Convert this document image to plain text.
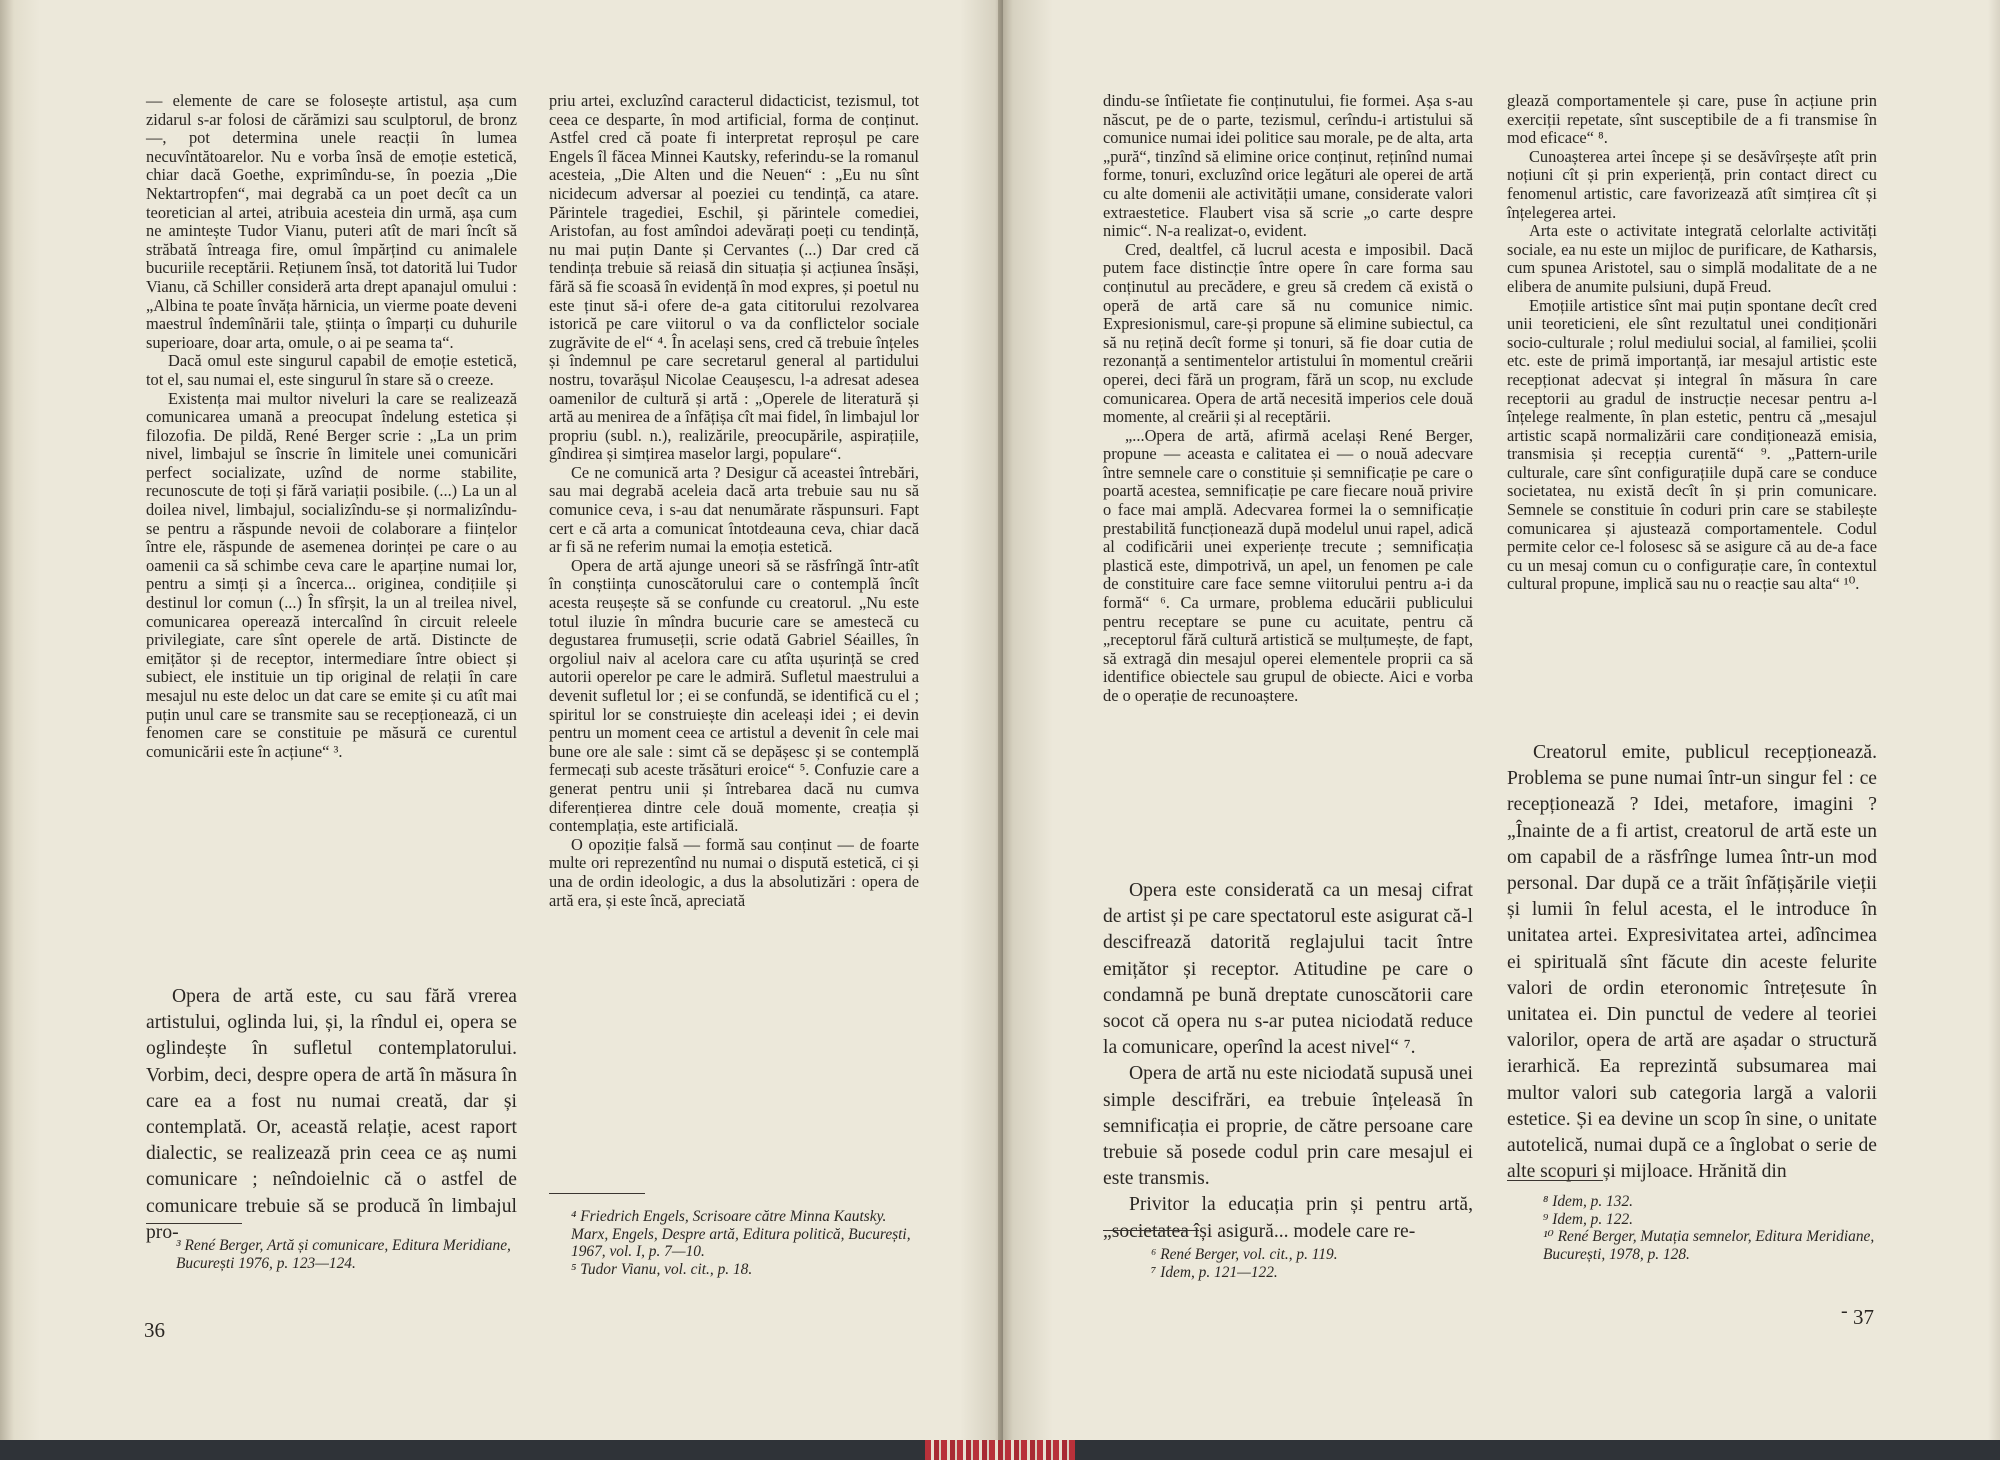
— elemente de care se folosește artistul, așa cum zidarul s-ar folosi de cărămizi sau sculptorul, de bronz —, pot determina unele reacții în lumea necuvîntătoarelor. Nu e vorba însă de emoție estetică, chiar dacă Goethe, exprimîndu-se, în poezia „Die Nektartropfen“, mai degrabă ca un poet decît ca un teoretician al artei, atribuia acesteia din urmă, așa cum ne amintește Tudor Vianu, puteri atît de mari încît să străbată întreaga fire, omul împărțind cu animalele bucuriile receptării. Rețiunem însă, tot datorită lui Tudor Vianu, că Schiller consideră arta drept apanajul omului : „Albina te poate învăța hărnicia, un vierme poate deveni maestrul îndemînării tale, știința o împarți cu duhurile superioare, doar arta, omule, o ai pe seama ta“.

Dacă omul este singurul capabil de emoție estetică, tot el, sau numai el, este singurul în stare să o creeze.

Existența mai multor niveluri la care se realizează comunicarea umană a preocupat îndelung estetica și filozofia. De pildă, René Berger scrie : „La un prim nivel, limbajul se înscrie în limitele unei comunicări perfect socializate, uzînd de norme stabilite, recunoscute de toți și fără variații posibile. (...) La un al doilea nivel, limbajul, socializîndu-se și normalizîndu-se pentru a răspunde nevoii de colaborare a ființelor între ele, răspunde de asemenea dorinței pe care o au oamenii ca să schimbe ceva care le aparține numai lor, pentru a simți și a încerca... originea, condițiile și destinul lor comun (...) În sfîrșit, la un al treilea nivel, comunicarea operează intercalînd în circuit releele privilegiate, care sînt operele de artă. Distincte de emițător și de receptor, intermediare între obiect și subiect, ele instituie un tip original de relații în care mesajul nu este deloc un dat care se emite și cu atît mai puțin unul care se transmite sau se recepționează, ci un fenomen care se constituie pe măsură ce curentul comunicării este în acțiune“ ³.

Opera de artă este, cu sau fără vrerea artistului, oglinda lui, și, la rîndul ei, opera se oglindește în sufletul contemplatorului. Vorbim, deci, despre opera de artă în măsura în care ea a fost nu numai creată, dar și contemplată. Or, această relație, acest raport dialectic, se realizează prin ceea ce aș numi comunicare ; neîndoielnic că o astfel de comunicare trebuie să se producă în limbajul pro-

³ René Berger, Artă și comunicare, Editura Meridiane, București 1976, p. 123—124.

priu artei, excluzînd caracterul didacticist, tezismul, tot ceea ce desparte, în mod artificial, forma de conținut. Astfel cred că poate fi interpretat reproșul pe care Engels îl făcea Minnei Kautsky, referindu-se la romanul acesteia, „Die Alten und die Neuen“ : „Eu nu sînt nicidecum adversar al poeziei cu tendință, ca atare. Părintele tragediei, Eschil, și părintele comediei, Aristofan, au fost amîndoi adevărați poeți cu tendință, nu mai puțin Dante și Cervantes (...) Dar cred că tendința trebuie să reiasă din situația și acțiunea însăși, fără să fie scoasă în evidență în mod expres, și poetul nu este ținut să-i ofere de-a gata cititorului rezolvarea istorică pe care viitorul o va da conflictelor sociale zugrăvite de el“ ⁴. În același sens, cred că trebuie înțeles și îndemnul pe care secretarul general al partidului nostru, tovarășul Nicolae Ceaușescu, l-a adresat adesea oamenilor de cultură și artă : „Operele de literatură și artă au menirea de a înfățișa cît mai fidel, în limbajul lor propriu (subl. n.), realizările, preocupările, aspirațiile, gîndirea și simțirea maselor largi, populare“.

Ce ne comunică arta ? Desigur că aceastei întrebări, sau mai degrabă aceleia dacă arta trebuie sau nu să comunice ceva, i s-au dat nenumărate răspunsuri. Fapt cert e că arta a comunicat întotdeauna ceva, chiar dacă ar fi să ne referim numai la emoția estetică.

Opera de artă ajunge uneori să se răsfrîngă într-atît în conștiința cunoscătorului care o contemplă încît acesta reușește să se confunde cu creatorul. „Nu este totul iluzie în mîndra bucurie care se amestecă cu degustarea frumuseții, scrie odată Gabriel Séailles, în orgoliul naiv al acelora care cu atîta ușurință se cred autorii operelor pe care le admiră. Sufletul maestrului a devenit sufletul lor ; ei se confundă, se identifică cu el ; spiritul lor se construiește din aceleași idei ; ei devin pentru un moment ceea ce artistul a devenit în cele mai bune ore ale sale : simt că se depășesc și se contemplă fermecați sub aceste trăsături eroice“ ⁵. Confuzie care a generat pentru unii și întrebarea dacă nu cumva diferențierea dintre cele două momente, creația și contemplația, este artificială.

O opoziție falsă — formă sau conținut — de foarte multe ori reprezentînd nu numai o dispută estetică, ci și una de ordin ideologic, a dus la absolutizări : opera de artă era, și este încă, apreciată

⁴ Friedrich Engels, Scrisoare către Minna Kautsky. Marx, Engels, Despre artă, Editura politică, București, 1967, vol. I, p. 7—10.

⁵ Tudor Vianu, vol. cit., p. 18.

36

dindu-se întîietate fie conținutului, fie formei. Așa s-au născut, pe de o parte, tezismul, cerîndu-i artistului să comunice numai idei politice sau morale, pe de alta, arta „pură“, tinzînd să elimine orice conținut, reținînd numai forme, tonuri, excluzînd orice legături ale operei de artă cu alte domenii ale activității umane, considerate valori extraestetice. Flaubert visa să scrie „o carte despre nimic“. N-a realizat-o, evident.

Cred, dealtfel, că lucrul acesta e imposibil. Dacă putem face distincție între opere în care forma sau conținutul au precădere, e greu să credem că există o operă de artă care să nu comunice nimic. Expresionismul, care-și propune să elimine subiectul, ca să nu rețină decît forme și tonuri, să fie doar cutia de rezonanță a sentimentelor artistului în momentul creării operei, deci fără un program, fără un scop, nu exclude comunicarea. Opera de artă necesită imperios cele două momente, al creării și al receptării.

„...Opera de artă, afirmă același René Berger, propune — aceasta e calitatea ei — o nouă adecvare între semnele care o constituie și semnificație pe care o poartă acestea, semnificație pe care fiecare nouă privire o face mai amplă. Adecvarea formei la o semnificație prestabilită funcționează după modelul unui rapel, adică al codificării unei experiențe trecute ; semnificația plastică este, dimpotrivă, un apel, un fenomen pe cale de constituire care face semne viitorului pentru a-i da formă“ ⁶. Ca urmare, problema educării publicului pentru receptare se pune cu acuitate, pentru că „receptorul fără cultură artistică se mulțumește, de fapt, să extragă din mesajul operei elementele proprii ca să identifice obiectele sau grupul de obiecte. Aici e vorba de o operație de recunoaștere.

Opera este considerată ca un mesaj cifrat de artist și pe care spectatorul este asigurat că-l descifrează datorită reglajului tacit între emițător și receptor. Atitudine pe care o condamnă pe bună dreptate cunoscătorii care socot că opera nu s-ar putea niciodată reduce la comunicare, operînd la acest nivel“ ⁷.

Opera de artă nu este niciodată supusă unei simple descifrări, ea trebuie înțeleasă în semnificația ei proprie, de către persoane care trebuie să posede codul prin care mesajul ei este transmis.

Privitor la educația prin și pentru artă, „societatea își asigură... modele care re-

⁶ René Berger, vol. cit., p. 119.

⁷ Idem, p. 121—122.

glează comportamentele și care, puse în acțiune prin exerciții repetate, sînt susceptibile de a fi transmise în mod eficace“ ⁸.

Cunoașterea artei începe și se desăvîrșește atît prin noțiuni cît și prin experiență, prin contact direct cu fenomenul artistic, care favorizează atît simțirea cît și înțelegerea artei.

Arta este o activitate integrată celorlalte activități sociale, ea nu este un mijloc de purificare, de Katharsis, cum spunea Aristotel, sau o simplă modalitate de a ne elibera de anumite pulsiuni, după Freud.

Emoțiile artistice sînt mai puțin spontane decît cred unii teoreticieni, ele sînt rezultatul unei condiționări socio-culturale ; rolul mediului social, al familiei, școlii etc. este de primă importanță, iar mesajul artistic este recepționat adecvat și integral în măsura în care receptorii au gradul de instrucție necesar pentru a-l înțelege realmente, în plan estetic, pentru că „mesajul artistic scapă normalizării care condiționează emisia, transmisia și recepția curentă“ ⁹. „Pattern-urile culturale, care sînt configurațiile după care se conduce societatea, nu există decît în și prin comunicare. Semnele se constituie în coduri prin care se stabilește comunicarea și ajustează comportamentele. Codul permite celor ce-l folosesc să se asigure că au de-a face cu un mesaj comun cu o configurație care, în contextul cultural propune, implică sau nu o reacție sau alta“ ¹⁰.

Creatorul emite, publicul recepționează. Problema se pune numai într-un singur fel : ce recepționează ? Idei, metafore, imagini ? „Înainte de a fi artist, creatorul de artă este un om capabil de a răsfrînge lumea într-un mod personal. Dar după ce a trăit înfățișările vieții și lumii în felul acesta, el le introduce în unitatea artei. Expresivitatea artei, adîncimea ei spirituală sînt făcute din aceste felurite valori de ordin eteronomic întrețesute în unitatea ei. Din punctul de vedere al teoriei valorilor, opera de artă are așadar o structură ierarhică. Ea reprezintă subsumarea mai multor valori sub categoria largă a valorii estetice. Și ea devine un scop în sine, o unitate autotelică, numai după ce a înglobat o serie de alte scopuri și mijloace. Hrănită din

⁸ Idem, p. 132.

⁹ Idem, p. 122.

¹⁰ René Berger, Mutația semnelor, Editura Meridiane, București, 1978, p. 128.

- 37
